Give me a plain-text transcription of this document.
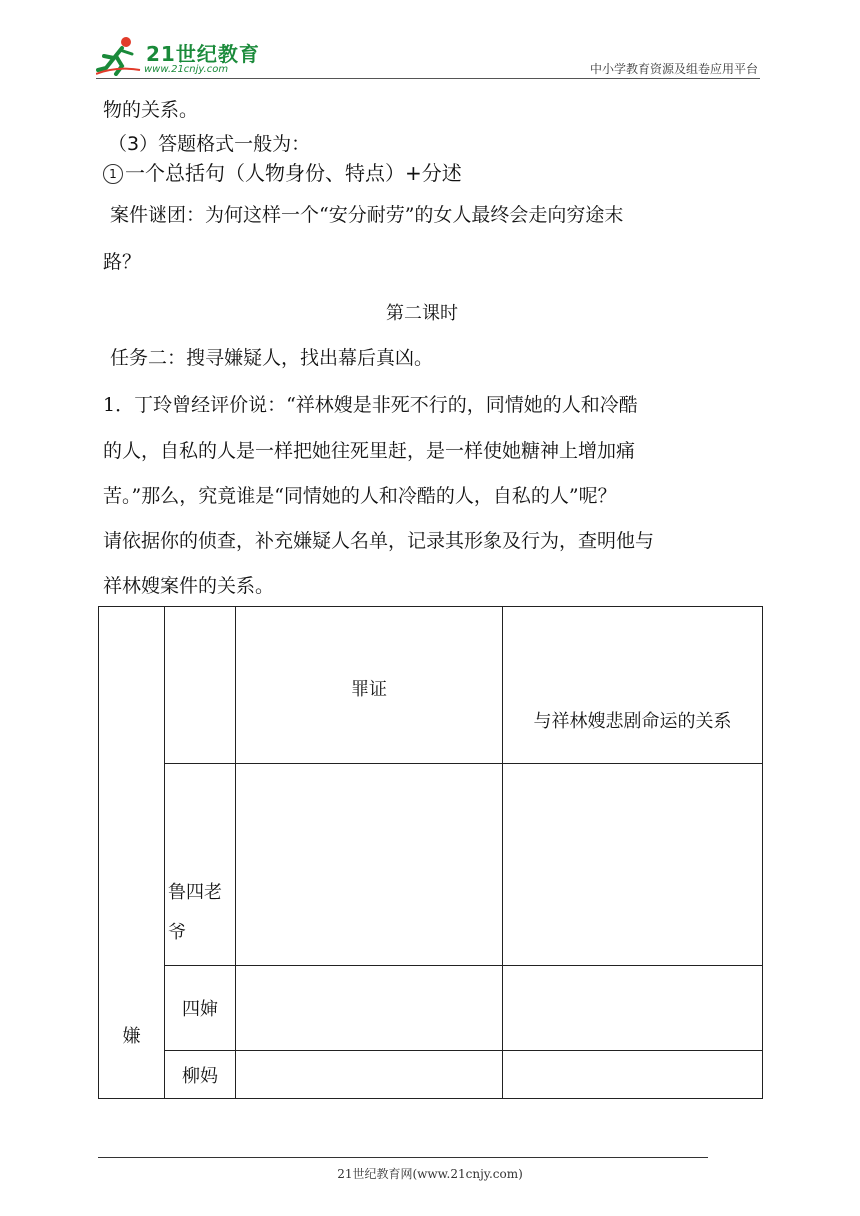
21世纪教育
www.21cnjy.com	中小学教育资源及组卷应用平台
物的关系。
（3）答题格式一般为：
1 一个总括句（人物身份、特点）+分述
案件谜团：为何这样一个“安分耐劳”的女人最终会走向穷途末
路？
第二课时
任务二：搜寻嫌疑人，找出幕后真凶。
1．丁玲曾经评价说：“祥林嫂是非死不行的，同情她的人和冷酷
的人，自私的人是一样把她往死里赶，是一样使她糖神上增加痛
苦。”那么，究竟谁是“同情她的人和冷酷的人，自私的人”呢？
请依据你的侦查，补充嫌疑人名单，记录其形象及行为，查明他与
祥林嫂案件的关系。
嫌		罪证	与祥林嫂悲剧命运的关系
	鲁四老
爷		
	四婶		
	柳妈		
21世纪教育网(www.21cnjy.com)
